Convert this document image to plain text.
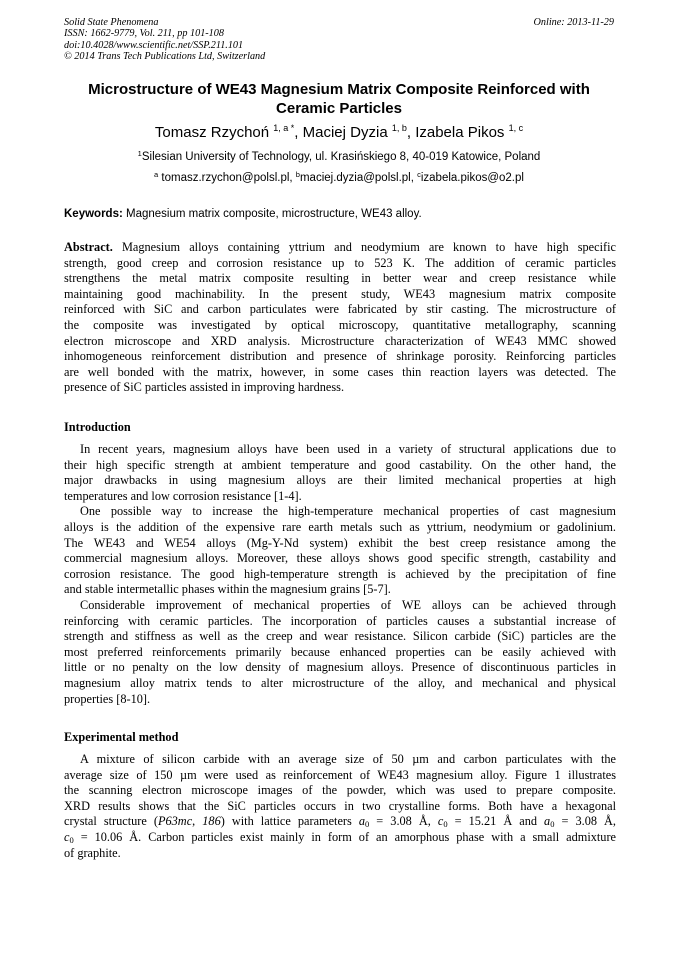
Solid State Phenomena
ISSN: 1662-9779, Vol. 211, pp 101-108
doi:10.4028/www.scientific.net/SSP.211.101
© 2014 Trans Tech Publications Ltd, Switzerland
Online: 2013-11-29
Microstructure of WE43 Magnesium Matrix Composite Reinforced with
Ceramic Particles
Tomasz Rzychoń $^{1, a *}$, Maciej Dyzia $^{1, b}$, Izabela Pikos $^{1, c}$
$^1$Silesian University of Technology, ul. Krasińskiego 8, 40-019 Katowice, Poland
$^a$ tomasz.rzychon@polsl.pl, $^b$maciej.dyzia@polsl.pl, $^c$izabela.pikos@o2.pl
Keywords: Magnesium matrix composite, microstructure, WE43 alloy.
Abstract. Magnesium alloys containing yttrium and neodymium are known to have high specific
strength, good creep and corrosion resistance up to 523 K. The addition of ceramic particles
strengthens the metal matrix composite resulting in better wear and creep resistance while
maintaining good machinability. In the present study, WE43 magnesium matrix composite
reinforced with SiC and carbon particulates were fabricated by stir casting. The microstructure of
the composite was investigated by optical microscopy, quantitative metallography, scanning
electron microscope and XRD analysis. Microstructure characterization of WE43 MMC showed
inhomogeneous reinforcement distribution and presence of shrinkage porosity. Reinforcing particles
are well bonded with the matrix, however, in some cases thin reaction layers was detected. The
presence of SiC particles assisted in improving hardness.
Introduction
In recent years, magnesium alloys have been used in a variety of structural applications due to
their high specific strength at ambient temperature and good castability. On the other hand, the
major drawbacks in using magnesium alloys are their limited mechanical properties at high
temperatures and low corrosion resistance [1-4].
One possible way to increase the high-temperature mechanical properties of cast magnesium
alloys is the addition of the expensive rare earth metals such as yttrium, neodymium or gadolinium.
The WE43 and WE54 alloys (Mg-Y-Nd system) exhibit the best creep resistance among the
commercial magnesium alloys. Moreover, these alloys shows good specific strength, castability and
corrosion resistance. The good high-temperature strength is achieved by the precipitation of fine
and stable intermetallic phases within the magnesium grains [5-7].
Considerable improvement of mechanical properties of WE alloys can be achieved through
reinforcing with ceramic particles. The incorporation of particles causes a substantial increase of
strength and stiffness as well as the creep and wear resistance. Silicon carbide (SiC) particles are the
most preferred reinforcements primarily because enhanced properties can be easily achieved with
little or no penalty on the low density of magnesium alloys. Presence of discontinuous particles in
magnesium alloy matrix tends to alter microstructure of the alloy, and mechanical and physical
properties [8-10].
Experimental method
A mixture of silicon carbide with an average size of 50 µm and carbon particulates with the
average size of 150 µm were used as reinforcement of WE43 magnesium alloy. Figure 1 illustrates
the scanning electron microscope images of the powder, which was used to prepare composite.
XRD results shows that the SiC particles occurs in two crystalline forms. Both have a hexagonal
crystal structure (P63mc, 186) with lattice parameters $a_0 = 3.08$ Å, $c_0 = 15.21$ Å and $a_0 = 3.08$ Å,
$c_0 = 10.06$ Å. Carbon particles exist mainly in form of an amorphous phase with a small admixture
of graphite.
